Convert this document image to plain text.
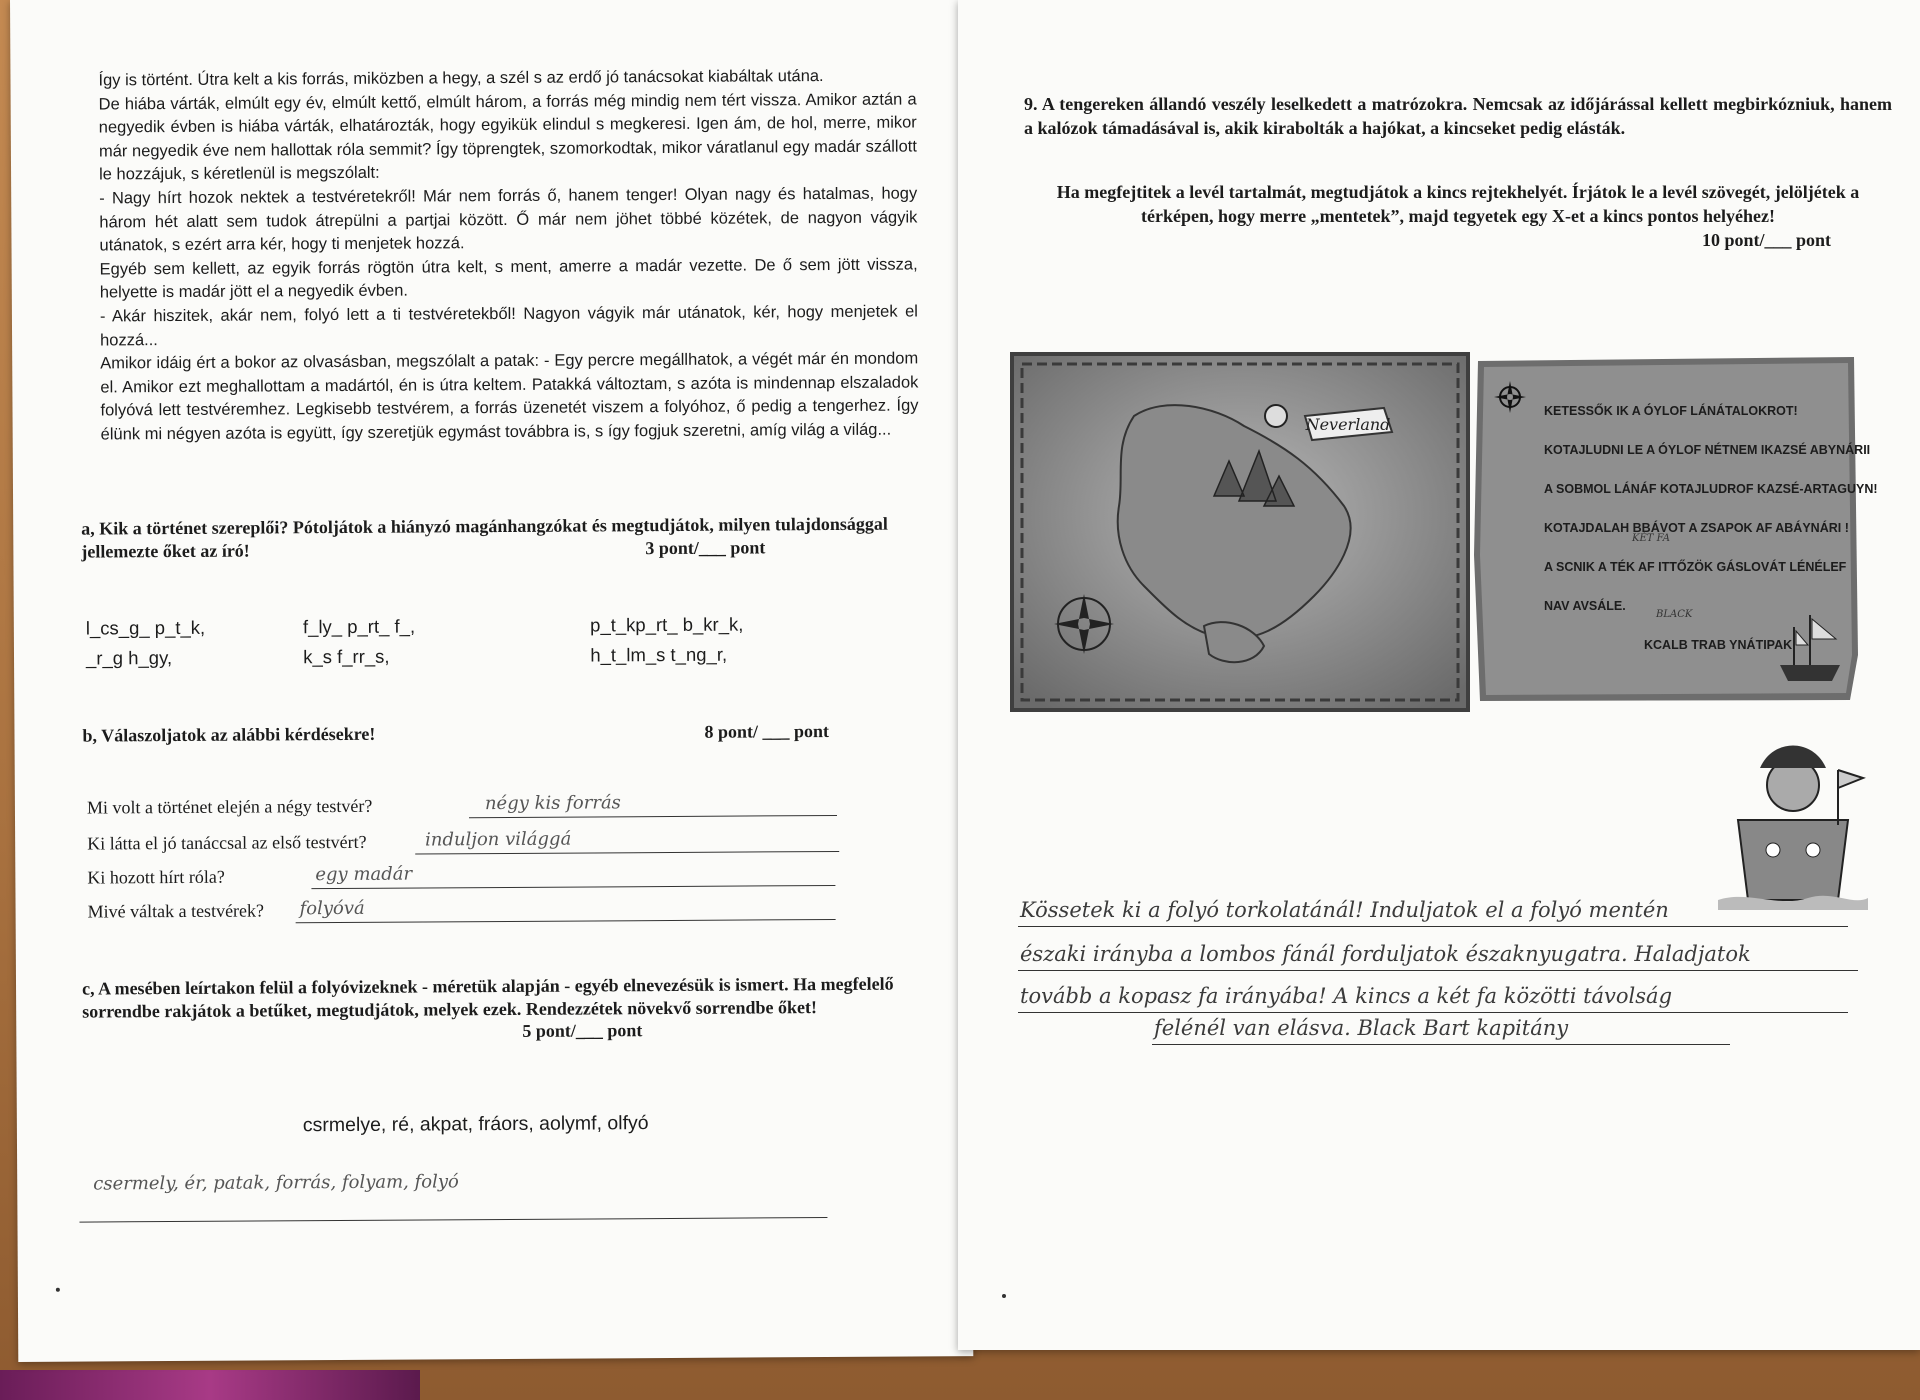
Így is történt. Útra kelt a kis forrás, miközben a hegy, a szél s az erdő jó tanácsokat kiabáltak utána.

De hiába várták, elmúlt egy év, elmúlt kettő, elmúlt három, a forrás még mindig nem tért vissza. Amikor aztán a negyedik évben is hiába várták, elhatározták, hogy egyikük elindul s megkeresi. Igen ám, de hol, merre, mikor már negyedik éve nem hallottak róla semmit? Így töprengtek, szomorkodtak, mikor váratlanul egy madár szállott le hozzájuk, s kéretlenül is megszólalt:

- Nagy hírt hozok nektek a testvéretekről! Már nem forrás ő, hanem tenger! Olyan nagy és hatalmas, hogy három hét alatt sem tudok átrepülni a partjai között. Ő már nem jöhet többé közétek, de nagyon vágyik utánatok, s ezért arra kér, hogy ti menjetek hozzá.

Egyéb sem kellett, az egyik forrás rögtön útra kelt, s ment, amerre a madár vezette. De ő sem jött vissza, helyette is madár jött el a negyedik évben.

- Akár hiszitek, akár nem, folyó lett a ti testvéretekből! Nagyon vágyik már utánatok, kér, hogy menjetek el hozzá...

Amikor idáig ért a bokor az olvasásban, megszólalt a patak: - Egy percre megállhatok, a végét már én mondom el. Amikor ezt meghallottam a madártól, én is útra keltem. Patakká változtam, s azóta is mindennap elszaladok folyóvá lett testvéremhez. Legkisebb testvérem, a forrás üzenetét viszem a folyóhoz, ő pedig a tengerhez. Így élünk mi négyen azóta is együtt, így szeretjük egymást továbbra is, s így fogjuk szeretni, amíg világ a világ...

a, Kik a történet szereplői? Pótoljátok a hiányzó magánhangzókat és megtudjátok, milyen tulajdonsággal jellemezte őket az író!	3 pont/___ pont
l_cs_g_ p_t_k,	f_ly_ p_rt_ f_,	p_t_kp_rt_ b_kr_k,
_r_g h_gy,	k_s f_rr_s,	h_t_lm_s t_ng_r,
b, Válaszoljatok az alábbi kérdésekre!	8 pont/ ___ pont
Mi volt a történet elején a négy testvér?	négy kis forrás
Ki látta el jó tanáccsal az első testvért?	induljon világgá
Ki hozott hírt róla?	egy madár
Mivé váltak a testvérek? folyóvá
c, A mesében leírtakon felül a folyóvizeknek - méretük alapján - egyéb elnevezésük is ismert. Ha megfelelő sorrendbe rakjátok a betűket, megtudjátok, melyek ezek. Rendezzétek növekvő sorrendbe őket!
5 pont/___ pont
csrmelye, ré, akpat, fráors, aolymf, olfyó
csermely, ér, patak, forrás, folyam, folyó
9. A tengereken állandó veszély leselkedett a matrózokra. Nemcsak az időjárással kellett megbirkózniuk, hanem a kalózok támadásával is, akik kirabolták a hajókat, a kincseket pedig elásták.
Ha megfejtitek a levél tartalmát, megtudjátok a kincs rejtekhelyét. Írjátok le a levél szövegét, jelöljétek a térképen, hogy merre „mentetek”, majd tegyetek egy X-et a kincs pontos helyéhez!
10 pont/___ pont
Neverland
KETESSŐK IK A ÓYLOF LÁNÁTALOKROT!
KOTAJLUDNI LE A ÓYLOF NÉTNEM IKAZSÉ ABYNÁRII
A SOBMOL LÁNÁF KOTAJLUDROF KAZSÉ-ARTAGUYN!
KOTAJDALAH BBÁVOT A ZSAPOK AF ABÁYNÁRI !
A SCNIK A TÉK AF ITTŐZÖK GÁSLOVÁT LÉNÉLEF
NAV AVSÁLE.
KCALB TRAB YNÁTIPAK
KÉT FA
BLACK
Kössetek ki a folyó torkolatánál! Induljatok el a folyó mentén
északi irányba a lombos fánál forduljatok északnyugatra. Haladjatok
tovább a kopasz fa irányába! A kincs a két fa közötti távolság
felénél van elásva. Black Bart kapitány
